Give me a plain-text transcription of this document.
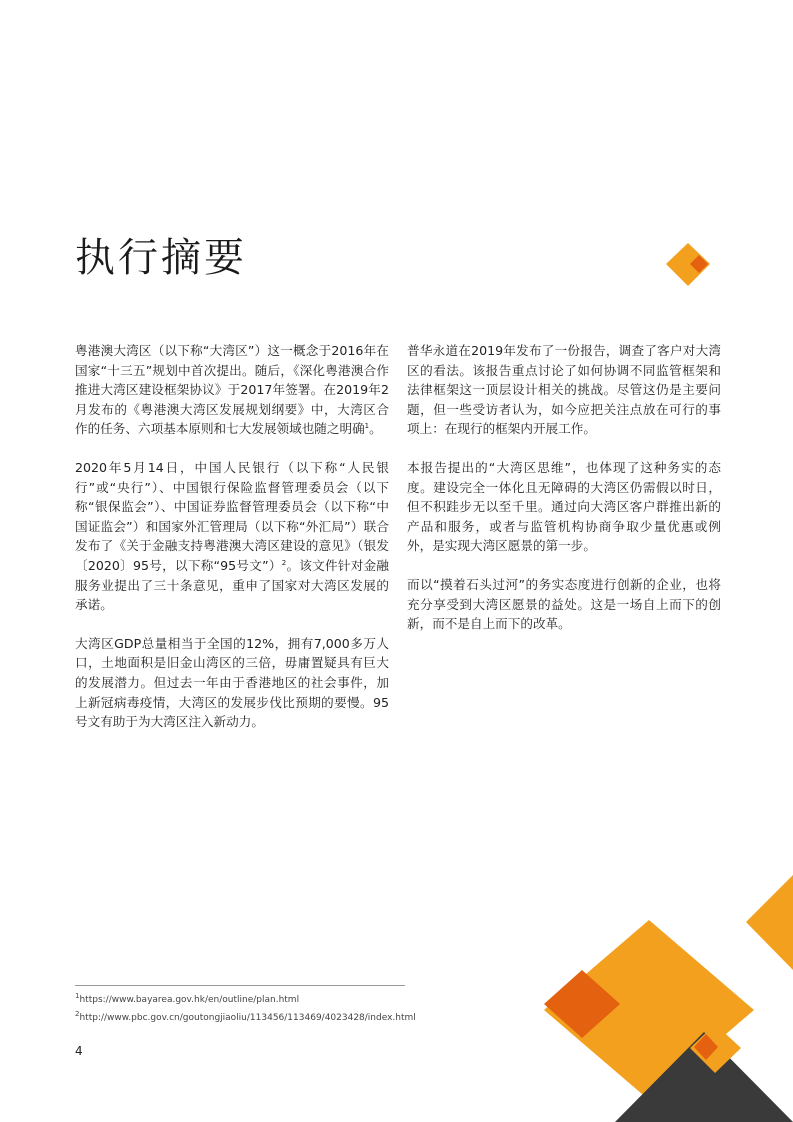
执行摘要

粤港澳大湾区（以下称“大湾区”）这一概念于2016年在国家“十三五”规划中首次提出。随后，《深化粤港澳合作推进大湾区建设框架协议》于2017年签署。在2019年2月发布的《粤港澳大湾区发展规划纲要》中，大湾区合作的任务、六项基本原则和七大发展领域也随之明确$^1$。

2020年5月14日，中国人民银行（以下称“人民银行”或“央行”）、中国银行保险监督管理委员会（以下称“银保监会”）、中国证券监督管理委员会（以下称“中国证监会”）和国家外汇管理局（以下称“外汇局”）联合发布了《关于金融支持粤港澳大湾区建设的意见》（银发〔2020〕95号，以下称“95号文”）$^2$。该文件针对金融服务业提出了三十条意见，重申了国家对大湾区发展的承诺。

大湾区GDP总量相当于全国的12%，拥有7,000多万人口，土地面积是旧金山湾区的三倍，毋庸置疑具有巨大的发展潜力。但过去一年由于香港地区的社会事件，加上新冠病毒疫情，大湾区的发展步伐比预期的要慢。95号文有助于为大湾区注入新动力。

普华永道在2019年发布了一份报告，调查了客户对大湾区的看法。该报告重点讨论了如何协调不同监管框架和法律框架这一顶层设计相关的挑战。尽管这仍是主要问题，但一些受访者认为，如今应把关注点放在可行的事项上：在现行的框架内开展工作。

本报告提出的“大湾区思维”，也体现了这种务实的态度。建设完全一体化且无障碍的大湾区仍需假以时日，但不积跬步无以至千里。通过向大湾区客户群推出新的产品和服务，或者与监管机构协商争取少量优惠或例外，是实现大湾区愿景的第一步。

而以“摸着石头过河”的务实态度进行创新的企业，也将充分享受到大湾区愿景的益处。这是一场自上而下的创新，而不是自上而下的改革。

$^1$https://www.bayarea.gov.hk/en/outline/plan.html
$^2$http://www.pbc.gov.cn/goutongjiaoliu/113456/113469/4023428/index.html
4
